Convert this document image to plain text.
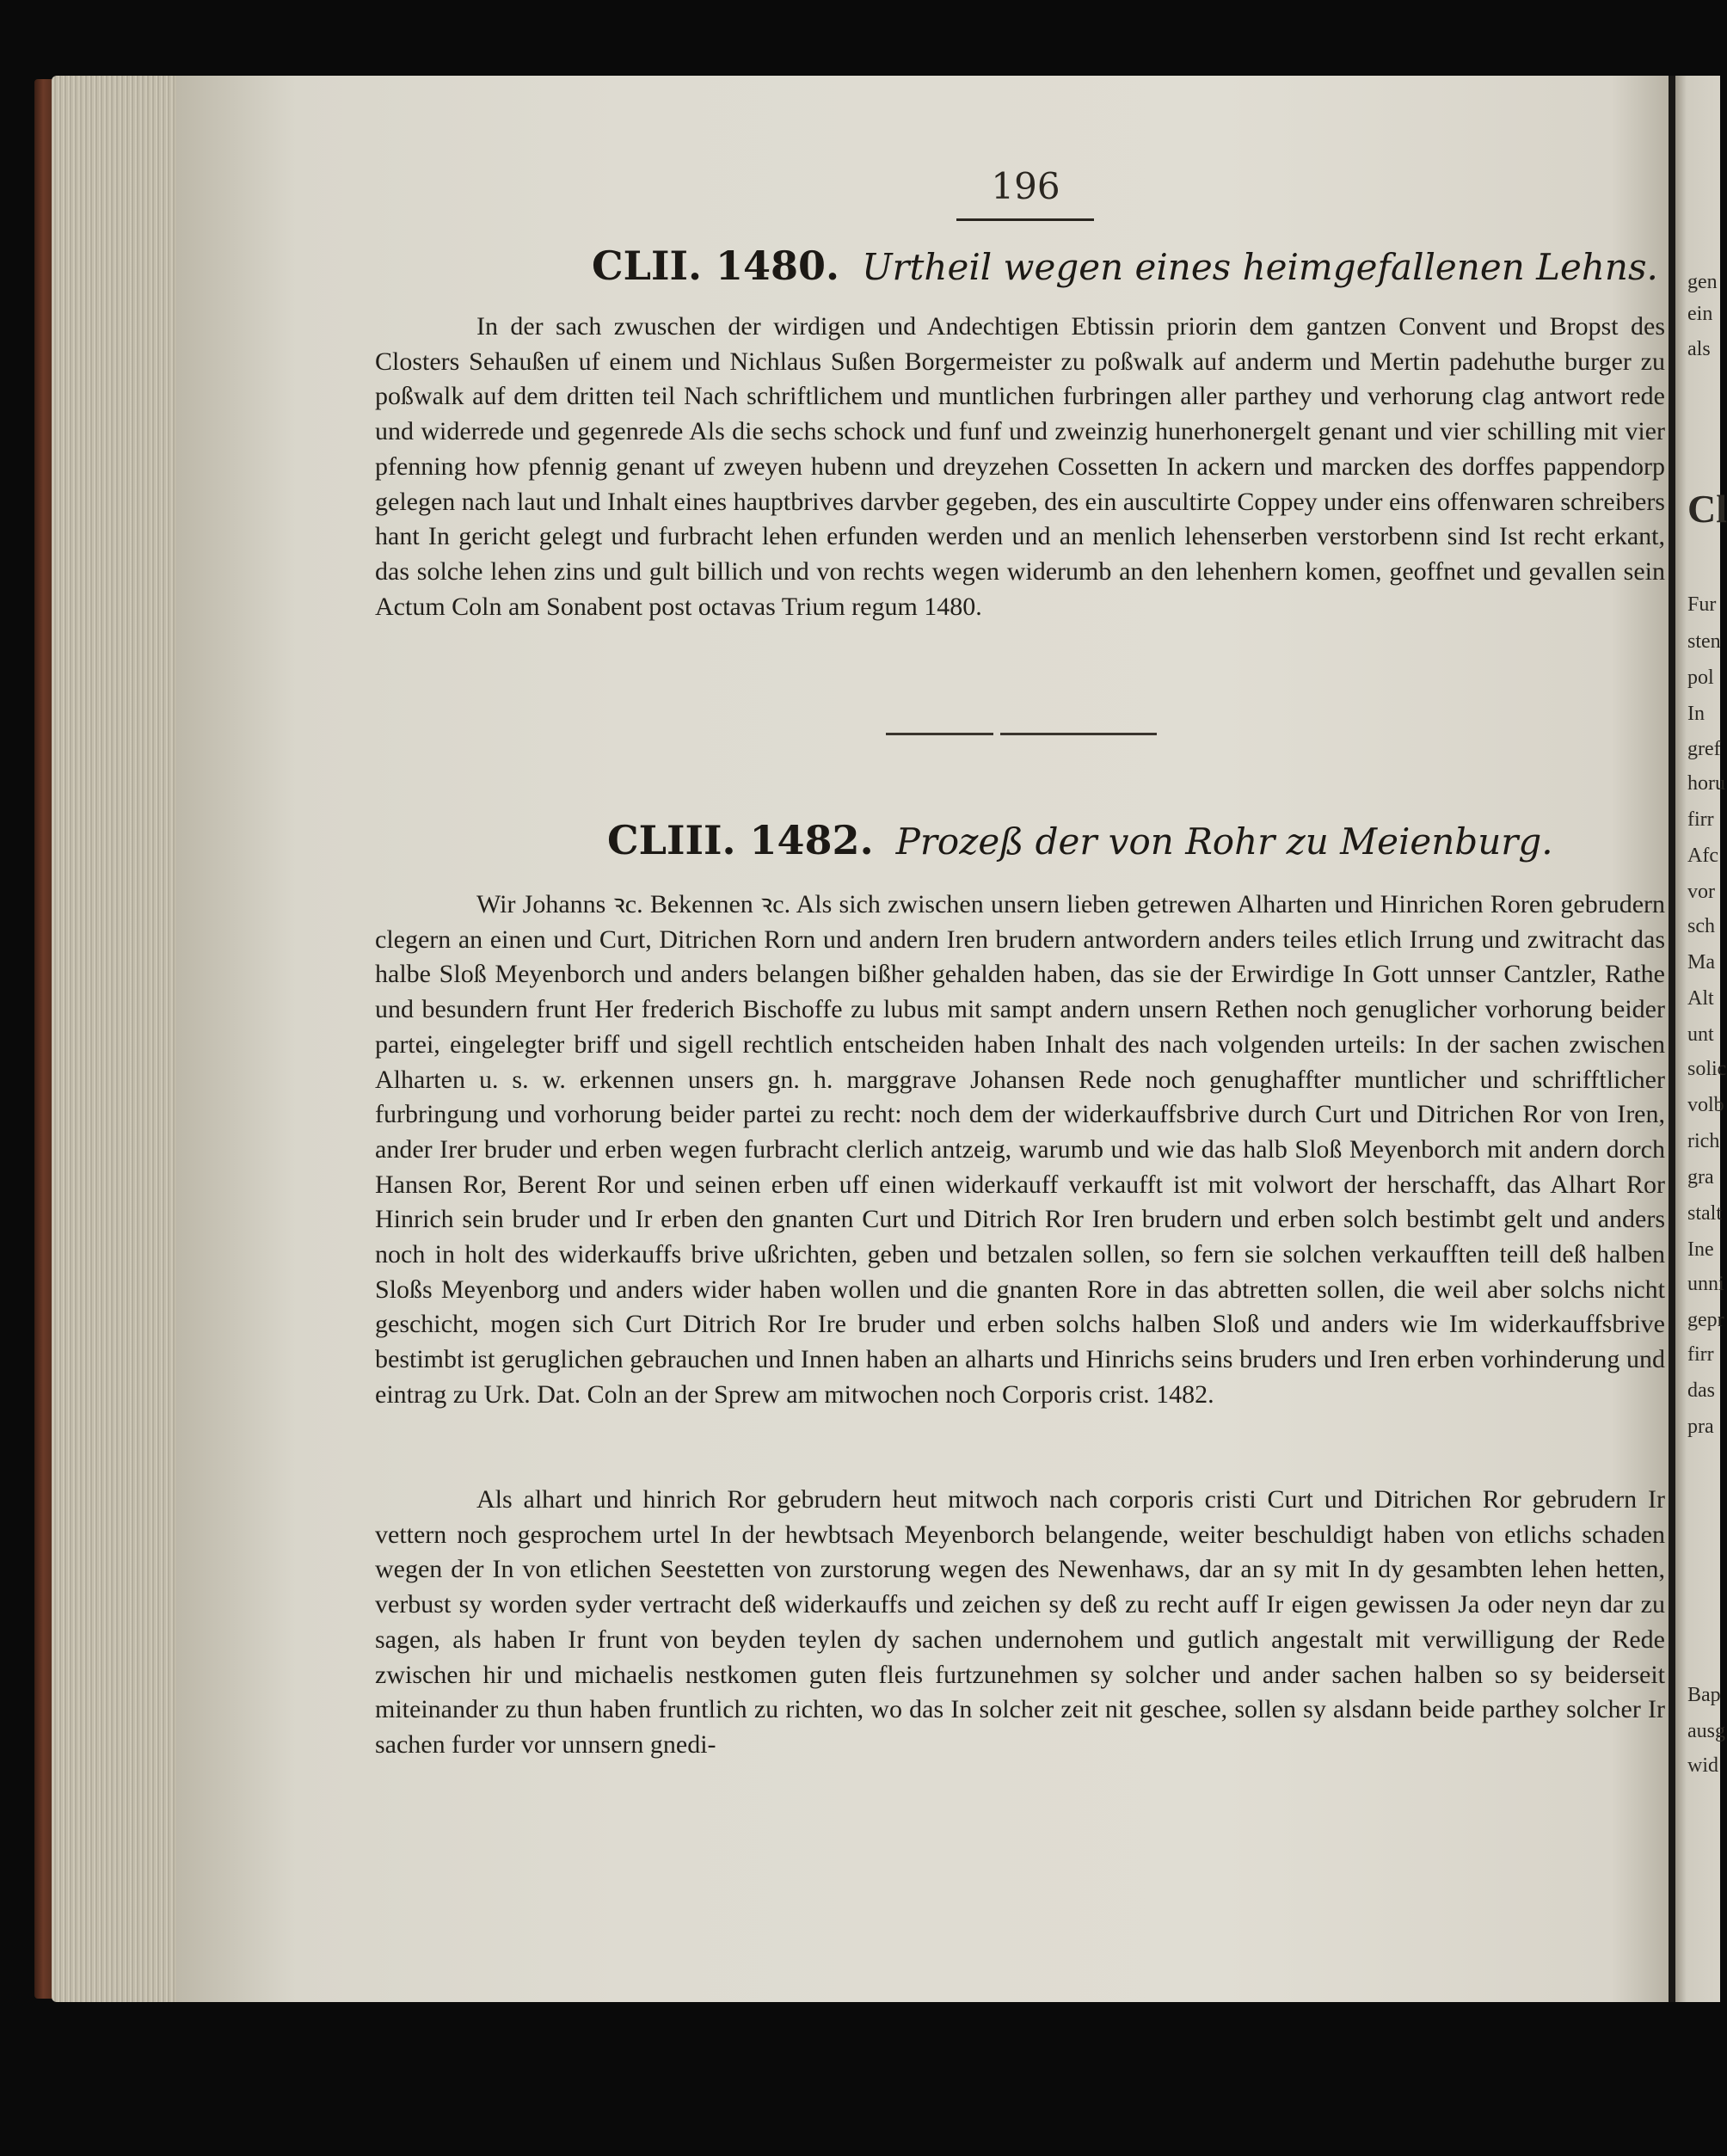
196
CLII. 1480. Urtheil wegen eines heimgefallenen Lehns.

In der sach zwuschen der wirdigen und Andechtigen Ebtissin priorin dem gantzen Convent und Bropst des Closters Sehaußen uf einem und Nichlaus Sußen Borgermeister zu poßwalk auf anderm und Mertin padehuthe burger zu poßwalk auf dem dritten teil Nach schriftlichem und muntlichen furbringen aller parthey und verhorung clag antwort rede und widerrede und gegenrede Als die sechs schock und funf und zweinzig hunerhonergelt genant und vier schilling mit vier pfenning how pfennig genant uf zweyen hubenn und dreyzehen Cossetten In ackern und marcken des dorffes pappendorp gelegen nach laut und Inhalt eines hauptbrives darvber gegeben, des ein auscultirte Coppey under eins offenwaren schreibers hant In gericht gelegt und furbracht lehen erfunden werden und an menlich lehenserben verstorbenn sind Ist recht erkant, das solche lehen zins und gult billich und von rechts wegen widerumb an den lehenhern komen, geoffnet und gevallen sein Actum Coln am Sonabent post octavas Trium regum 1480.

CLIII. 1482. Prozeß der von Rohr zu Meienburg.

Wir Johanns ꝛc. Bekennen ꝛc. Als sich zwischen unsern lieben getrewen Alharten und Hinrichen Roren gebrudern clegern an einen und Curt, Ditrichen Rorn und andern Iren brudern antwordern anders teiles etlich Irrung und zwitracht das halbe Sloß Meyenborch und anders belangen bißher gehalden haben, das sie der Erwirdige In Gott unnser Cantzler, Rathe und besundern frunt Her frederich Bischoffe zu lubus mit sampt andern unsern Rethen noch genuglicher vorhorung beider partei, eingelegter briff und sigell rechtlich entscheiden haben Inhalt des nach volgenden urteils: In der sachen zwischen Alharten u. s. w. erkennen unsers gn. h. marggrave Johansen Rede noch genughaffter muntlicher und schrifftlicher furbringung und vorhorung beider partei zu recht: noch dem der widerkauffsbrive durch Curt und Ditrichen Ror von Iren, ander Irer bruder und erben wegen furbracht clerlich antzeig, warumb und wie das halb Sloß Meyenborch mit andern dorch Hansen Ror, Berent Ror und seinen erben uff einen widerkauff verkaufft ist mit volwort der herschafft, das Alhart Ror Hinrich sein bruder und Ir erben den gnanten Curt und Ditrich Ror Iren brudern und erben solch bestimbt gelt und anders noch in holt des widerkauffs brive ußrichten, geben und betzalen sollen, so fern sie solchen verkaufften teill deß halben Sloßs Meyenborg und anders wider haben wollen und die gnanten Rore in das abtretten sollen, die weil aber solchs nicht geschicht, mogen sich Curt Ditrich Ror Ire bruder und erben solchs halben Sloß und anders wie Im widerkauffsbrive bestimbt ist geruglichen gebrauchen und Innen haben an alharts und Hinrichs seins bruders und Iren erben vorhinderung und eintrag zu Urk. Dat. Coln an der Sprew am mitwochen noch Corporis crist. 1482.

Als alhart und hinrich Ror gebrudern heut mitwoch nach corporis cristi Curt und Ditrichen Ror gebrudern Ir vettern noch gesprochem urtel In der hewbtsach Meyenborch belangende, weiter beschuldigt haben von etlichs schaden wegen der In von etlichen Seestetten von zurstorung wegen des Newenhaws, dar an sy mit In dy gesambten lehen hetten, verbust sy worden syder vertracht deß widerkauffs und zeichen sy deß zu recht auff Ir eigen gewissen Ja oder neyn dar zu sagen, als haben Ir frunt von beyden teylen dy sachen undernohem und gutlich angestalt mit verwilligung der Rede zwischen hir und michaelis nestkomen guten fleis furtzunehmen sy solcher und ander sachen halben so sy beiderseit miteinander zu thun haben fruntlich zu richten, wo das In solcher zeit nit geschee, sollen sy alsdann beide parthey solcher Ir sachen furder vor unnsern gnedi-

gen
ein
als
Cl
Fur
sten
pol
In
gref
horu
firr
Afc
vor
sch
Ma
Alt
unt
solic
volb
rich
gra
stalt
Ine
unni
gepr
firr
das
pra
Bap
ausg
wid
